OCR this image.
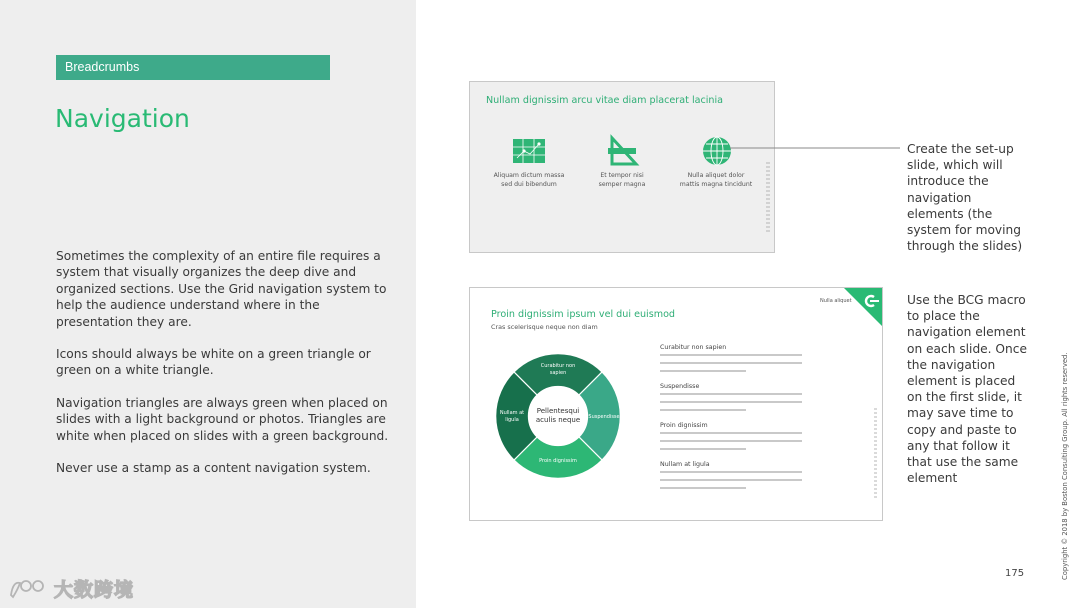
Breadcrumbs
Navigation

Sometimes the complexity of an entire file requires a system that visually organizes the deep dive and organized sections. Use the Grid navigation system to help the audience understand where in the presentation they are.

Icons should always be white on a green triangle or green on a white triangle.

Navigation triangles are always green when placed on slides with a light background or photos. Triangles are white when placed on slides with a green background.

Never use a stamp as a content navigation system.

大数跨境
Nullam dignissim arcu vitae diam placerat lacinia
Aliquam dictum massa
sed dui bibendum
Et tempor nisi
semper magna
Nulla aliquet dolor
mattis magna tincidunt
Proin dignissim ipsum vel dui euismod
Cras scelerisque neque non diam
Nulla aliquet
Pellentesqui
aculis neque
Curabitur non
sapien
Suspendisse
Proin dignissim
Nullam at
ligula
Curabitur non sapien
Suspendisse
Proin dignissim
Nullam at ligula

Create the set-up slide, which will introduce the navigation elements (the system for moving through the slides)

Use the BCG macro to place the navigation element on each slide. Once the navigation element is placed on the first slide, it may save time to copy and paste to any that follow it that use the same element	Copyright © 2018 by Boston Consulting Group. All rights reserved.
175
